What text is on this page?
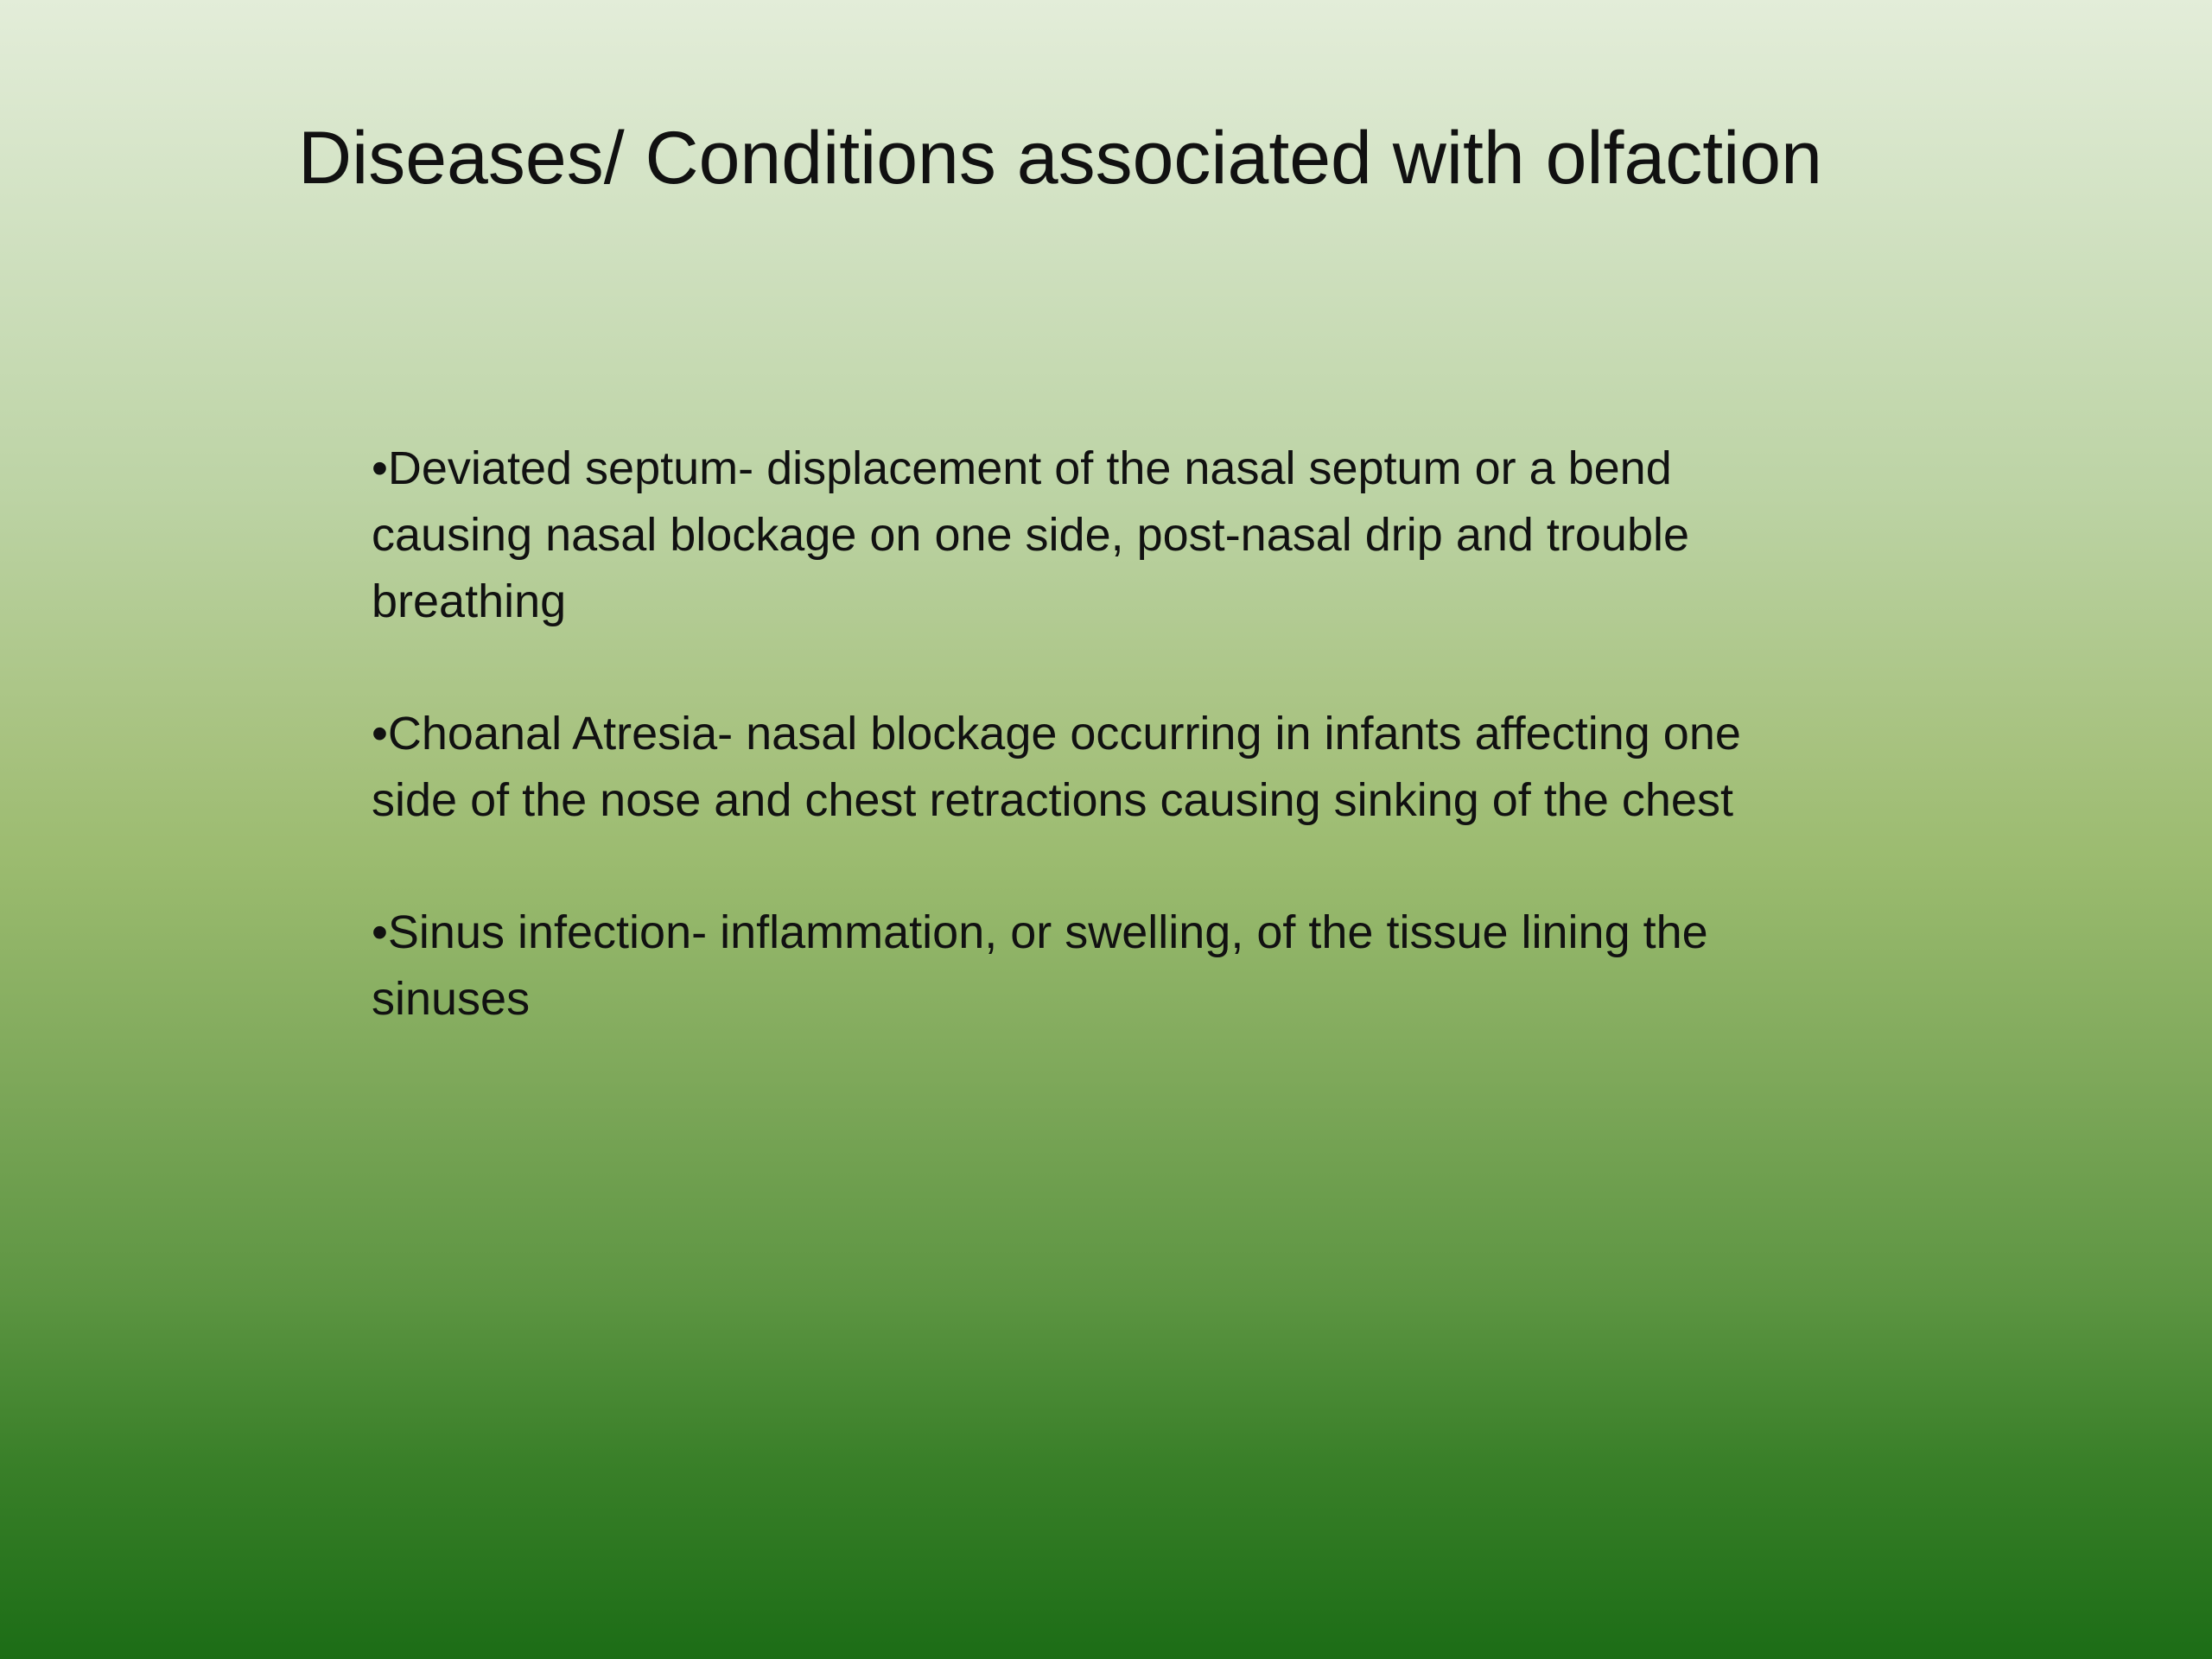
Diseases/ Conditions associated with olfaction
•Deviated septum- displacement of the nasal septum or a bend causing nasal blockage on one side, post-nasal drip and trouble breathing
•Choanal Atresia- nasal blockage occurring in infants affecting one side of the nose and chest retractions causing sinking of the chest
•Sinus infection- inflammation, or swelling, of the tissue lining the sinuses
